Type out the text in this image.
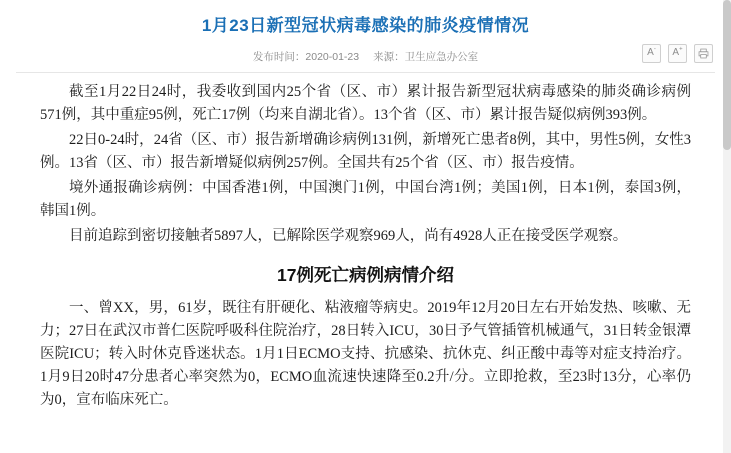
1月23日新型冠状病毒感染的肺炎疫情情况
发布时间：2020-01-23 来源：卫生应急办公室	A-	A+

截至1月22日24时，我委收到国内25个省（区、市）累计报告新型冠状病毒感染的肺炎确诊病例571例，其中重症95例，死亡17例（均来自湖北省）。13个省（区、市）累计报告疑似病例393例。

22日0-24时，24省（区、市）报告新增确诊病例131例，新增死亡患者8例，其中，男性5例，女性3例。13省（区、市）报告新增疑似病例257例。全国共有25个省（区、市）报告疫情。

境外通报确诊病例：中国香港1例，中国澳门1例，中国台湾1例；美国1例，日本1例，泰国3例，韩国1例。

目前追踪到密切接触者5897人，已解除医学观察969人，尚有4928人正在接受医学观察。

17例死亡病例病情介绍

一、曾XX，男，61岁，既往有肝硬化、粘液瘤等病史。2019年12月20日左右开始发热、咳嗽、无力；27日在武汉市普仁医院呼吸科住院治疗，28日转入ICU，30日予气管插管机械通气，31日转金银潭医院ICU；转入时休克昏迷状态。1月1日ECMO支持、抗感染、抗休克、纠正酸中毒等对症支持治疗。1月9日20时47分患者心率突然为0，ECMO血流速快速降至0.2升/分。立即抢救，至23时13分，心率仍为0，宣布临床死亡。
